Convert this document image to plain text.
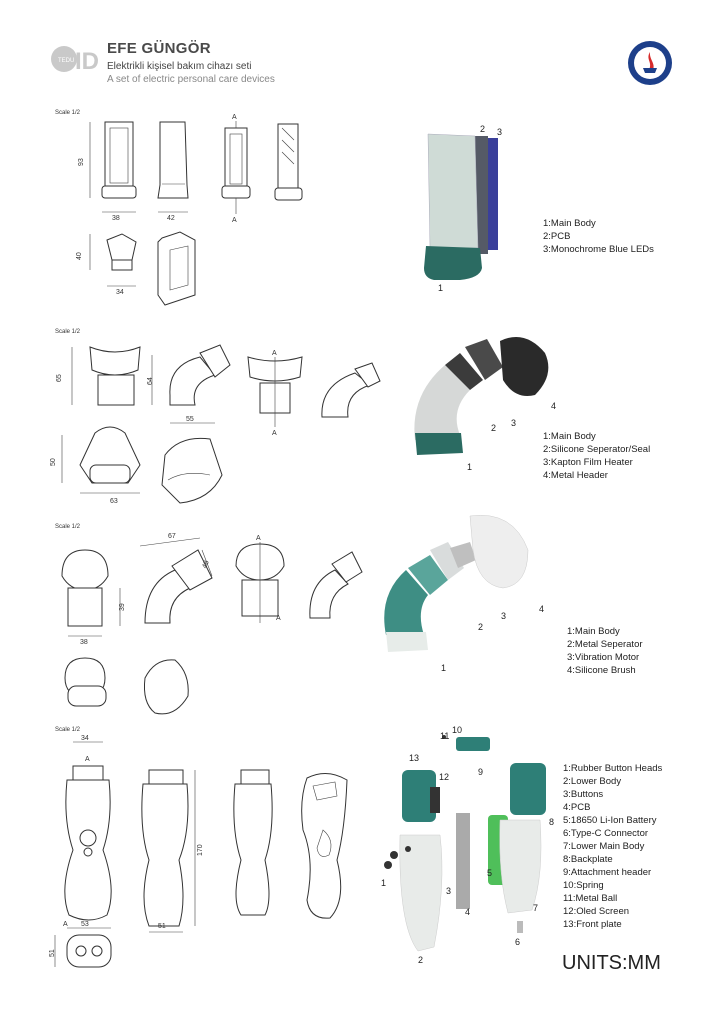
TEDU ID EFE GÜNGÖR
Elektrikli kişisel bakım cihazı seti
A set of electric personal care devices
Scale 1/2
93
38	42
A
A
40
34	1
2 3
1:Main Body
2:PCB
3:Monochrome Blue LEDs
Scale 1/2
65	64
55
A
A
50
63
1
2 3
4
1:Main Body
2:Silicone Seperator/Seal
3:Kapton Film Heater
4:Metal Header
Scale 1/2
39
38
67
48
A
A
1
2
3
4
1:Main Body
2:Metal Seperator
3:Vibration Motor
4:Silicone Brush
Scale 1/2
34
A
170
51
A 53
51
1
2
3
4
5
6
7
8
9
10
11
12
13
1:Rubber Button Heads
2:Lower Body
3:Buttons
4:PCB
5:18650 Li-Ion Battery
6:Type-C Connector
7:Lower Main Body
8:Backplate
9:Attachment header
10:Spring
11:Metal Ball
12:Oled Screen
13:Front plate
UNITS:MM
